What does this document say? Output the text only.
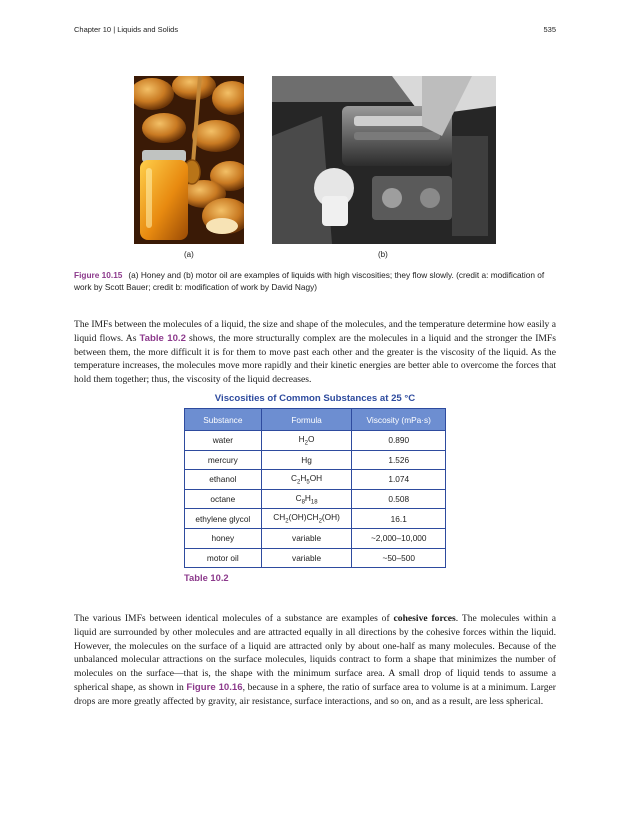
Chapter 10 | Liquids and Solids	535
(a)	(b)
Figure 10.15 (a) Honey and (b) motor oil are examples of liquids with high viscosities; they flow slowly. (credit a: modification of work by Scott Bauer; credit b: modification of work by David Nagy)

The IMFs between the molecules of a liquid, the size and shape of the molecules, and the temperature determine how easily a liquid flows. As Table 10.2 shows, the more structurally complex are the molecules in a liquid and the stronger the IMFs between them, the more difficult it is for them to move past each other and the greater is the viscosity of the liquid. As the temperature increases, the molecules move more rapidly and their kinetic energies are better able to overcome the forces that hold them together; thus, the viscosity of the liquid decreases.

Viscosities of Common Substances at 25 °C
Substance	Formula	Viscosity (mPa·s)
water	$H_2O$	0.890
mercury	Hg	1.526
ethanol	$C_2H_5OH$	1.074
octane	$C_8H_{18}$	0.508
ethylene glycol	$CH_2(OH)CH_2(OH)$	16.1
honey	variable	~2,000–10,000
motor oil	variable	~50–500
Table 10.2

The various IMFs between identical molecules of a substance are examples of cohesive forces. The molecules within a liquid are surrounded by other molecules and are attracted equally in all directions by the cohesive forces within the liquid. However, the molecules on the surface of a liquid are attracted only by about one-half as many molecules. Because of the unbalanced molecular attractions on the surface molecules, liquids contract to form a shape that minimizes the number of molecules on the surface—that is, the shape with the minimum surface area. A small drop of liquid tends to assume a spherical shape, as shown in Figure 10.16, because in a sphere, the ratio of surface area to volume is at a minimum. Larger drops are more greatly affected by gravity, air resistance, surface interactions, and so on, and as a result, are less spherical.
